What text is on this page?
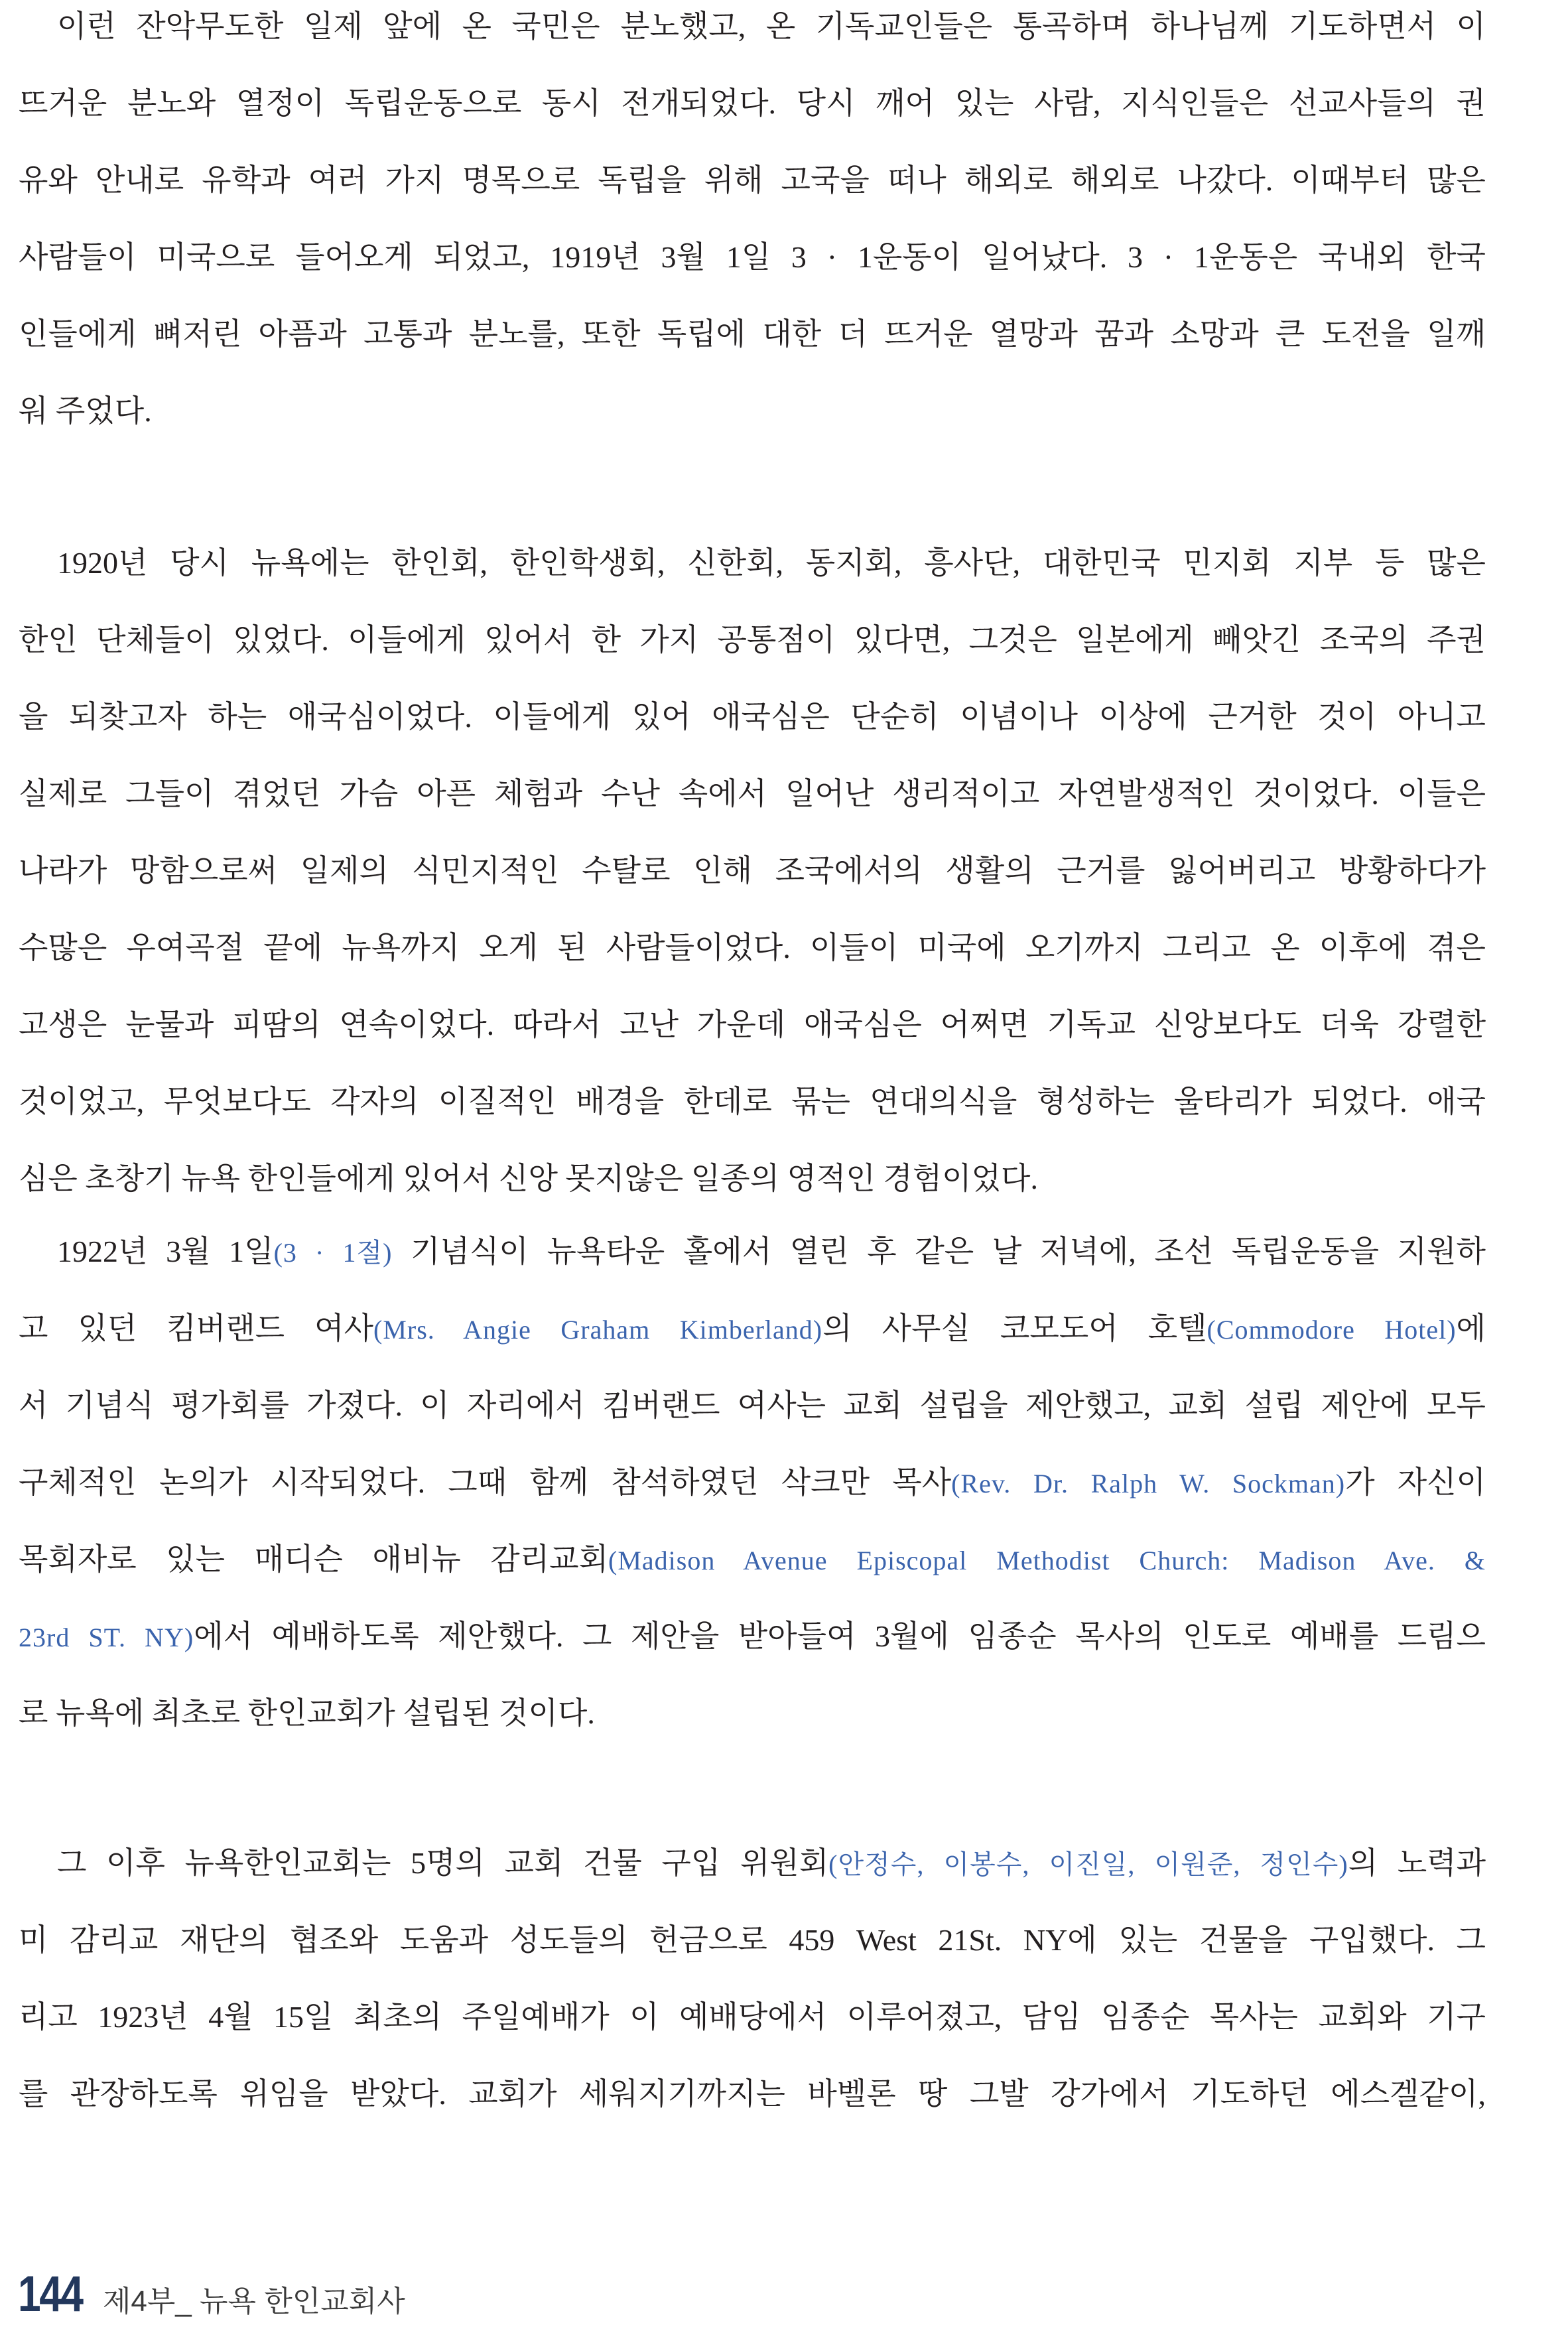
이런 잔악무도한 일제 앞에 온 국민은 분노했고, 온 기독교인들은 통곡하며 하나님께 기도하면서 이
뜨거운 분노와 열정이 독립운동으로 동시 전개되었다. 당시 깨어 있는 사람, 지식인들은 선교사들의 권
유와 안내로 유학과 여러 가지 명목으로 독립을 위해 고국을 떠나 해외로 해외로 나갔다. 이때부터 많은
사람들이 미국으로 들어오게 되었고, 1919년 3월 1일 3 · 1운동이 일어났다. 3 · 1운동은 국내외 한국
인들에게 뼈저린 아픔과 고통과 분노를, 또한 독립에 대한 더 뜨거운 열망과 꿈과 소망과 큰 도전을 일깨
워 주었다.
1920년 당시 뉴욕에는 한인회, 한인학생회, 신한회, 동지회, 흥사단, 대한민국 민지회 지부 등 많은
한인 단체들이 있었다. 이들에게 있어서 한 가지 공통점이 있다면, 그것은 일본에게 빼앗긴 조국의 주권
을 되찾고자 하는 애국심이었다. 이들에게 있어 애국심은 단순히 이념이나 이상에 근거한 것이 아니고
실제로 그들이 겪었던 가슴 아픈 체험과 수난 속에서 일어난 생리적이고 자연발생적인 것이었다. 이들은
나라가 망함으로써 일제의 식민지적인 수탈로 인해 조국에서의 생활의 근거를 잃어버리고 방황하다가
수많은 우여곡절 끝에 뉴욕까지 오게 된 사람들이었다. 이들이 미국에 오기까지 그리고 온 이후에 겪은
고생은 눈물과 피땀의 연속이었다. 따라서 고난 가운데 애국심은 어쩌면 기독교 신앙보다도 더욱 강렬한
것이었고, 무엇보다도 각자의 이질적인 배경을 한데로 묶는 연대의식을 형성하는 울타리가 되었다. 애국
심은 초창기 뉴욕 한인들에게 있어서 신앙 못지않은 일종의 영적인 경험이었다.
1922년 3월 1일(3 · 1절) 기념식이 뉴욕타운 홀에서 열린 후 같은 날 저녁에, 조선 독립운동을 지원하
고 있던 킴버랜드 여사(Mrs. Angie Graham Kimberland)의 사무실 코모도어 호텔(Commodore Hotel)에
서 기념식 평가회를 가졌다. 이 자리에서 킴버랜드 여사는 교회 설립을 제안했고, 교회 설립 제안에 모두
구체적인 논의가 시작되었다. 그때 함께 참석하였던 삭크만 목사(Rev. Dr. Ralph W. Sockman)가 자신이
목회자로 있는 매디슨 애비뉴 감리교회(Madison Avenue Episcopal Methodist Church: Madison Ave. &
23rd ST. NY)에서 예배하도록 제안했다. 그 제안을 받아들여 3월에 임종순 목사의 인도로 예배를 드림으
로 뉴욕에 최초로 한인교회가 설립된 것이다.
그 이후 뉴욕한인교회는 5명의 교회 건물 구입 위원회(안정수, 이봉수, 이진일, 이원준, 정인수)의 노력과
미 감리교 재단의 협조와 도움과 성도들의 헌금으로 459 West 21St. NY에 있는 건물을 구입했다. 그
리고 1923년 4월 15일 최초의 주일예배가 이 예배당에서 이루어졌고, 담임 임종순 목사는 교회와 기구
를 관장하도록 위임을 받았다. 교회가 세워지기까지는 바벨론 땅 그발 강가에서 기도하던 에스겔같이,
144 제4부_ 뉴욕 한인교회사
